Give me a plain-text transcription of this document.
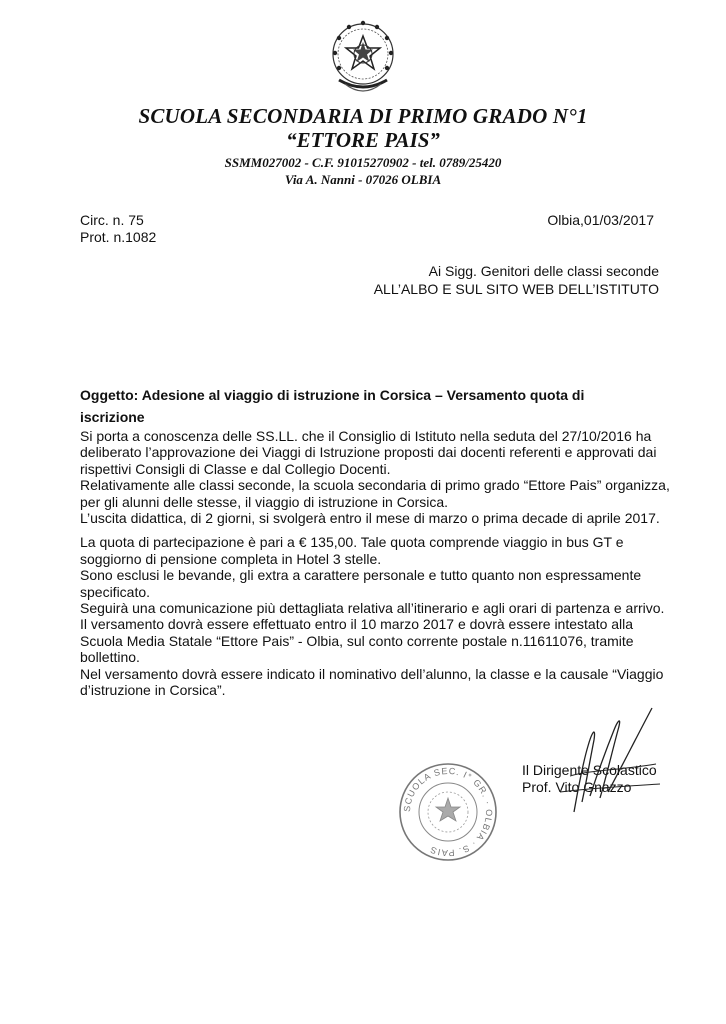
SCUOLA SECONDARIA DI PRIMO GRADO N°1
“ETTORE PAIS”
SSMM027002 - C.F. 91015270902 - tel. 0789/25420
Via A. Nanni - 07026 OLBIA
Circ. n. 75
Prot. n.1082
Olbia,01/03/2017
Ai Sigg. Genitori delle classi seconde
ALL’ALBO E SUL SITO WEB DELL’ISTITUTO
Oggetto: Adesione al viaggio di istruzione in Corsica – Versamento quota di iscrizione

Si porta a conoscenza delle SS.LL. che il Consiglio di Istituto nella seduta del 27/10/2016 ha deliberato l’approvazione dei Viaggi di Istruzione proposti dai docenti referenti e approvati dai rispettivi Consigli di Classe e dal Collegio Docenti.

Relativamente alle classi seconde, la scuola secondaria di primo grado “Ettore Pais” organizza, per gli alunni delle stesse, il viaggio di istruzione in Corsica.

L’uscita didattica, di 2 giorni, si svolgerà entro il mese di marzo o prima decade di aprile 2017.

La quota di partecipazione è pari a € 135,00. Tale quota comprende viaggio in bus GT e soggiorno di pensione completa in Hotel 3 stelle.

Sono esclusi le bevande, gli extra a carattere personale e tutto quanto non espressamente specificato.

Seguirà una comunicazione più dettagliata relativa all’itinerario e agli orari di partenza e arrivo.

Il versamento dovrà essere effettuato entro il 10 marzo 2017 e dovrà essere intestato alla Scuola Media Statale “Ettore Pais” - Olbia, sul conto corrente postale n.11611076, tramite bollettino.

Nel versamento dovrà essere indicato il nominativo dell’alunno, la classe e la causale “Viaggio d’istruzione in Corsica”.

SCUOLA SEC. I° GR. · OLBIA · S. PAIS
Il Dirigente Scolastico
Prof. Vito Gnazzo
